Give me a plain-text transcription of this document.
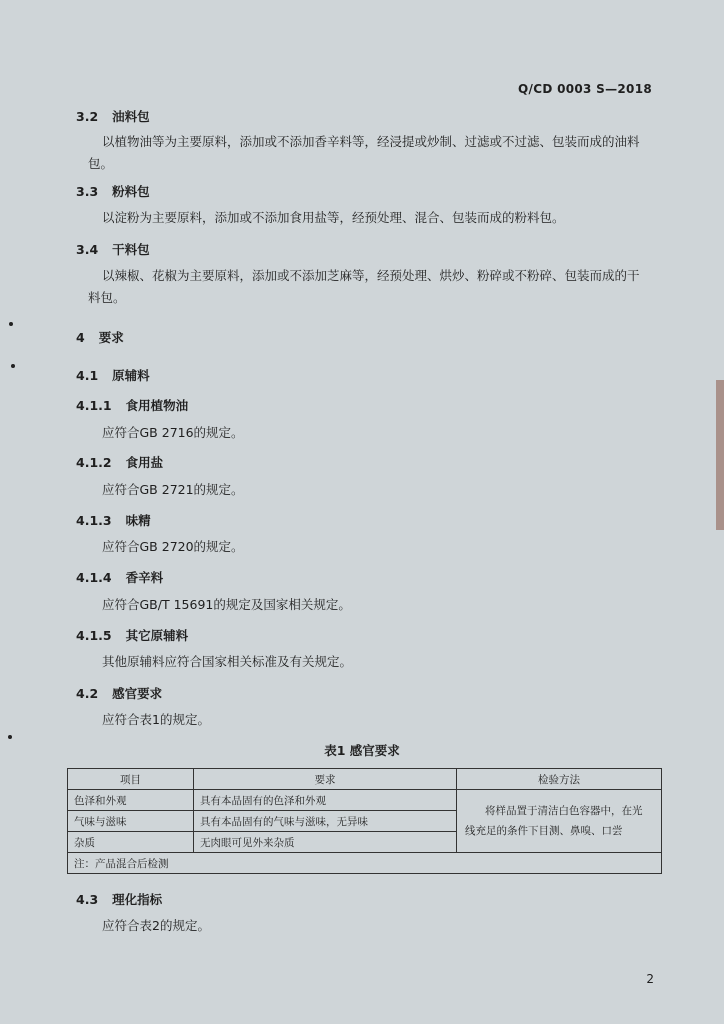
Q/CD 0003 S—2018
3.2 油料包
以植物油等为主要原料，添加或不添加香辛料等，经浸提或炒制、过滤或不过滤、包装而成的油料
包。
3.3 粉料包
以淀粉为主要原料，添加或不添加食用盐等，经预处理、混合、包装而成的粉料包。
3.4 干料包
以辣椒、花椒为主要原料，添加或不添加芝麻等，经预处理、烘炒、粉碎或不粉碎、包装而成的干
料包。
4 要求
4.1 原辅料
4.1.1 食用植物油
应符合GB 2716的规定。
4.1.2 食用盐
应符合GB 2721的规定。
4.1.3 味精
应符合GB 2720的规定。
4.1.4 香辛料
应符合GB/T 15691的规定及国家相关规定。
4.1.5 其它原辅料
其他原辅料应符合国家相关标准及有关规定。
4.2 感官要求
应符合表1的规定。
表1 感官要求
项目	要求	检验方法
色泽和外观	具有本品固有的色泽和外观	将样品置于清洁白色容器中，在光
线充足的条件下目测、鼻嗅、口尝

气味与滋味	具有本品固有的气味与滋味，无异味	
杂质	无肉眼可见外来杂质	
注：产品混合后检测		
4.3 理化指标
应符合表2的规定。
2
